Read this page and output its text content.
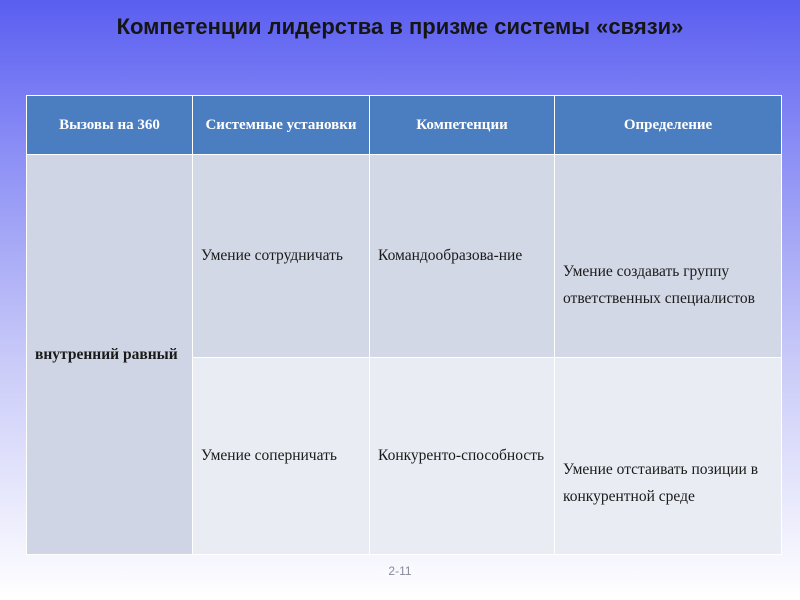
Компетенции лидерства в призме системы «связи»
Вызовы на 360	Системные установки	Компетенции	Определение
внутренний равный	Умение сотрудничать	Командообразова-ние	Умение создавать группу ответственных специалистов

	Умение соперничать	Конкуренто-способность	Умение отстаивать позиции в конкурентной среде
2-11
